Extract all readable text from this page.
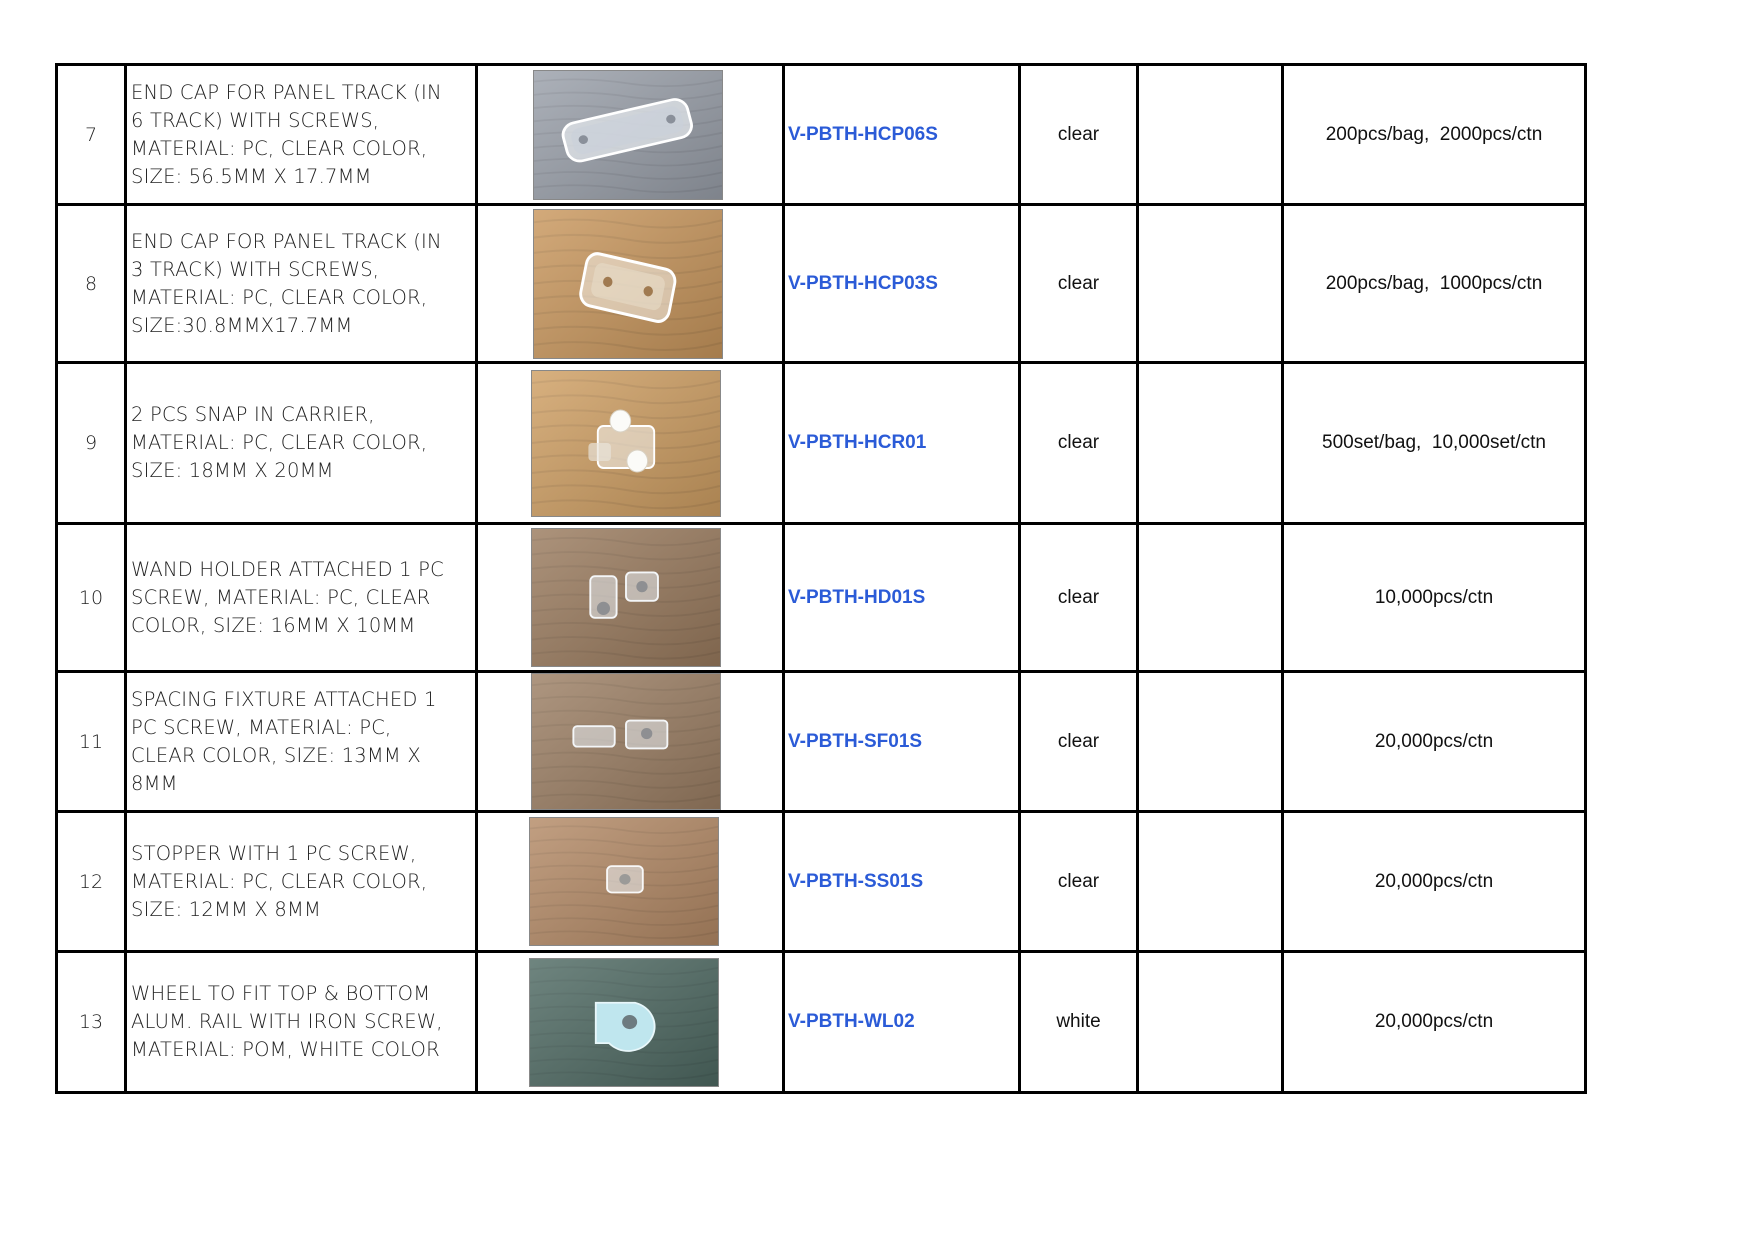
7	END CAP FOR PANEL TRACK (IN
6 TRACK) WITH SCREWS,
MATERIAL: PC, CLEAR COLOR,
SIZE: 56.5MM X 17.7MM		V-PBTH-HCP06S	clear		200pcs/bag,  2000pcs/ctn
8	END CAP FOR PANEL TRACK (IN
3 TRACK) WITH SCREWS,
MATERIAL: PC, CLEAR COLOR,
SIZE:30.8MMX17.7MM		V-PBTH-HCP03S	clear		200pcs/bag,  1000pcs/ctn
9	2 PCS SNAP IN CARRIER,
MATERIAL: PC, CLEAR COLOR,
SIZE: 18MM X 20MM		V-PBTH-HCR01	clear		500set/bag,  10,000set/ctn
10	WAND HOLDER ATTACHED 1 PC
SCREW, MATERIAL: PC, CLEAR
COLOR, SIZE: 16MM X 10MM		V-PBTH-HD01S	clear		10,000pcs/ctn
11	SPACING FIXTURE ATTACHED 1
PC SCREW, MATERIAL: PC,
CLEAR COLOR, SIZE: 13MM X
8MM		V-PBTH-SF01S	clear		20,000pcs/ctn
12	STOPPER WITH 1 PC SCREW,
MATERIAL: PC, CLEAR COLOR,
SIZE: 12MM X 8MM		V-PBTH-SS01S	clear		20,000pcs/ctn
13	WHEEL TO FIT TOP & BOTTOM
ALUM. RAIL WITH IRON SCREW,
MATERIAL: POM, WHITE COLOR		V-PBTH-WL02	white		20,000pcs/ctn
